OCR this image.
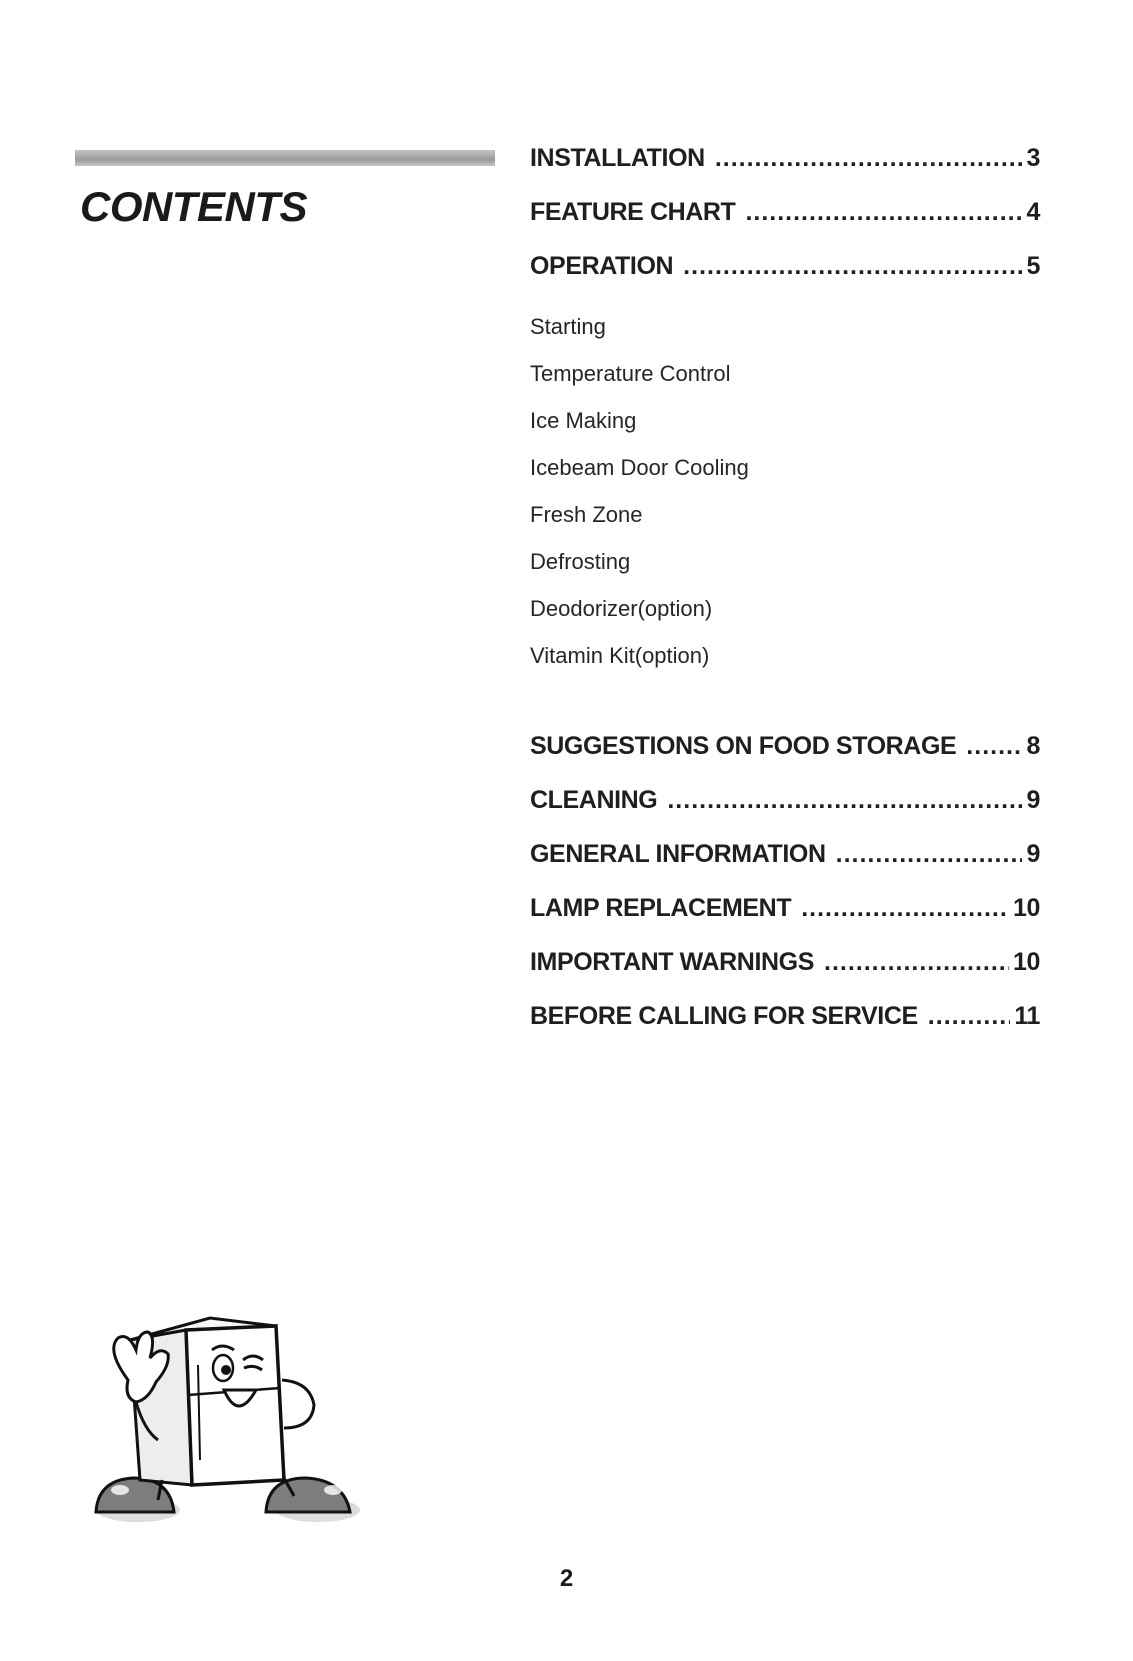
CONTENTS
INSTALLATION .....	3
FEATURE CHART .....	4
OPERATION .....	5
Starting
Temperature Control
Ice Making
Icebeam Door Cooling
Fresh Zone
Defrosting
Deodorizer(option)
Vitamin Kit(option)
SUGGESTIONS ON FOOD STORAGE .....	8
CLEANING .....	9
GENERAL INFORMATION .....	9
LAMP REPLACEMENT .....	10
IMPORTANT WARNINGS .....	10
BEFORE CALLING FOR SERVICE .....	11
2
